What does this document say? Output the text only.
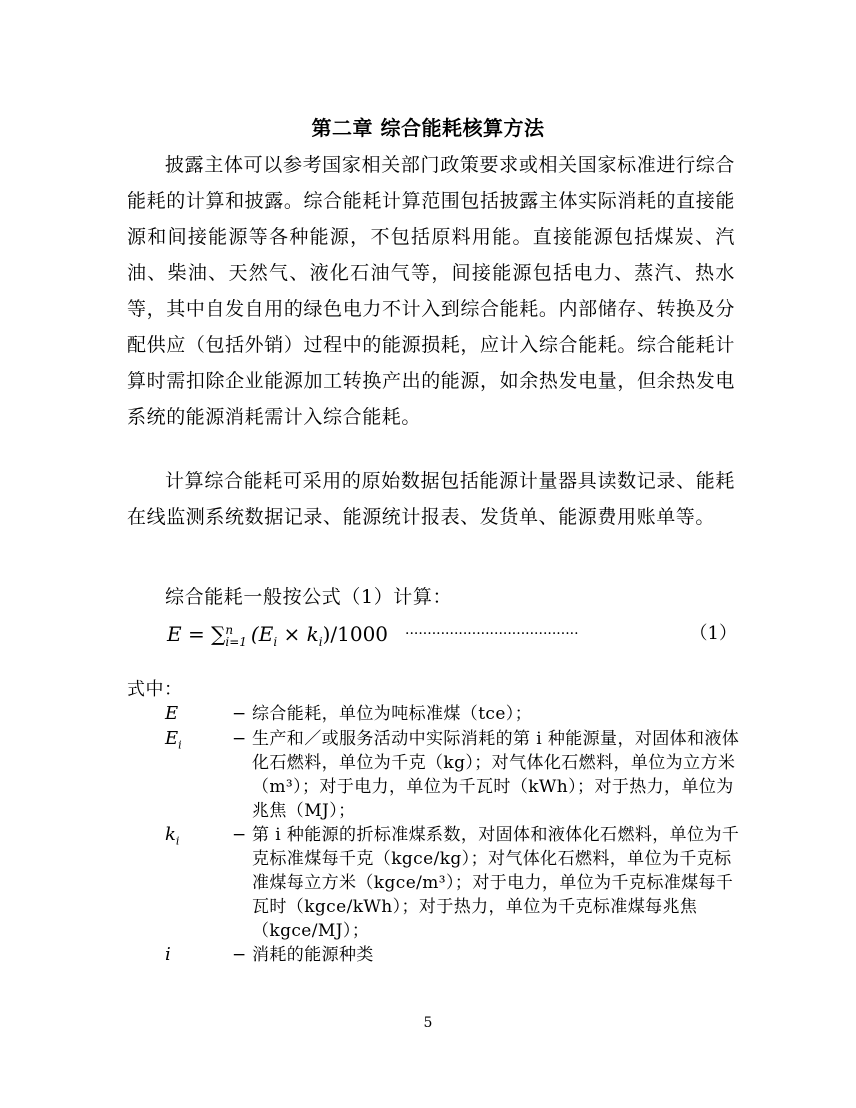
第二章 综合能耗核算方法

披露主体可以参考国家相关部门政策要求或相关国家标准进行综合能耗的计算和披露。综合能耗计算范围包括披露主体实际消耗的直接能源和间接能源等各种能源，不包括原料用能。直接能源包括煤炭、汽油、柴油、天然气、液化石油气等，间接能源包括电力、蒸汽、热水等，其中自发自用的绿色电力不计入到综合能耗。内部储存、转换及分配供应（包括外销）过程中的能源损耗，应计入综合能耗。综合能耗计算时需扣除企业能源加工转换产出的能源，如余热发电量，但余热发电系统的能源消耗需计入综合能耗。

计算综合能耗可采用的原始数据包括能源计量器具读数记录、能耗在线监测系统数据记录、能源统计报表、发货单、能源费用账单等。

综合能耗一般按公式（1）计算：
E = ∑ n
i=1 $(E_i \times k_i)/1000$ ·······································	（1）
式中：
E	− 综合能耗，单位为吨标准煤（tce）；
$E_i$	− 生产和／或服务活动中实际消耗的第 i 种能源量，对固体和液体化石燃料，单位为千克（kg）；对气体化石燃料，单位为立方米（m³）；对于电力，单位为千瓦时（kWh）；对于热力，单位为兆焦（MJ）；
$k_i$	− 第 i 种能源的折标准煤系数，对固体和液体化石燃料，单位为千克标准煤每千克（kgce/kg）；对气体化石燃料，单位为千克标准煤每立方米（kgce/m³）；对于电力，单位为千克标准煤每千瓦时（kgce/kWh）；对于热力，单位为千克标准煤每兆焦（kgce/MJ）；
i	− 消耗的能源种类
5
